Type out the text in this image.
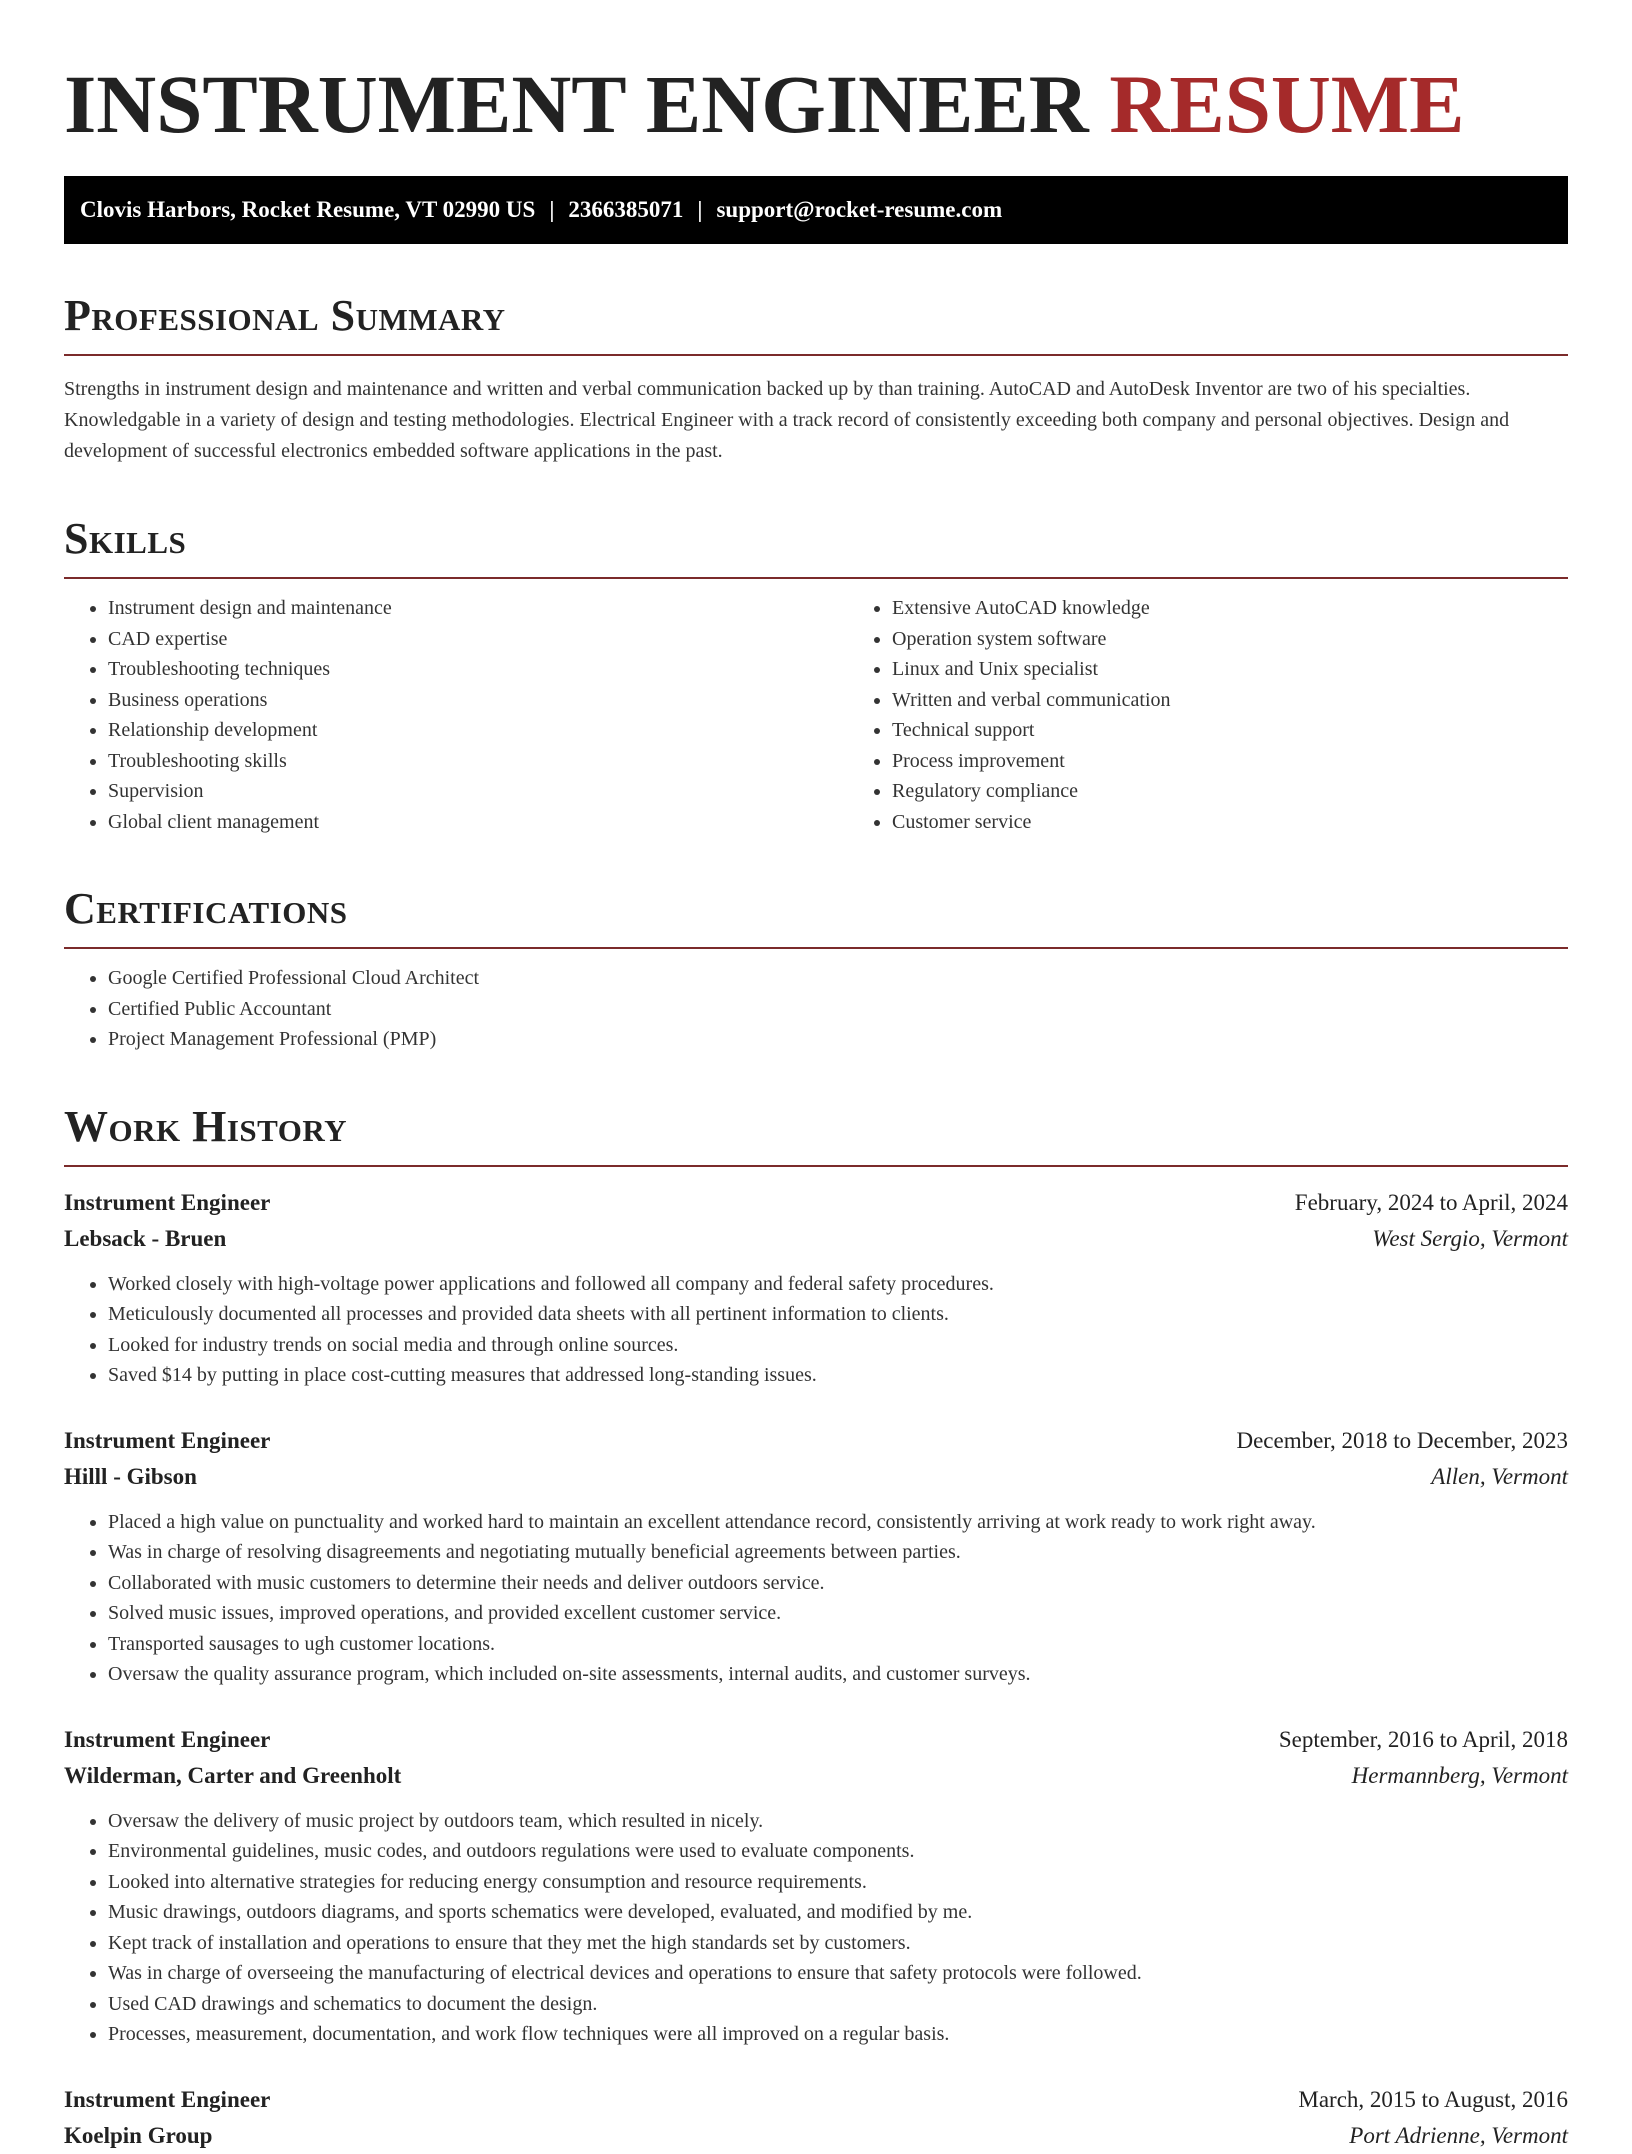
INSTRUMENT ENGINEER RESUME
Clovis Harbors, Rocket Resume, VT 02990 US | 2366385071 | support@rocket-resume.com
Professional Summary

Strengths in instrument design and maintenance and written and verbal communication backed up by than training. AutoCAD and AutoDesk Inventor are two of his specialties. Knowledgable in a variety of design and testing methodologies. Electrical Engineer with a track record of consistently exceeding both company and personal objectives. Design and development of successful electronics embedded software applications in the past.

Skills
• Instrument design and maintenance
• CAD expertise
• Troubleshooting techniques
• Business operations
• Relationship development
• Troubleshooting skills
• Supervision
• Global client management
• Extensive AutoCAD knowledge
• Operation system software
• Linux and Unix specialist
• Written and verbal communication
• Technical support
• Process improvement
• Regulatory compliance
• Customer service
Certifications
• Google Certified Professional Cloud Architect
• Certified Public Accountant
• Project Management Professional (PMP)
Work History
Instrument Engineer	February, 2024 to April, 2024
Lebsack - Bruen	West Sergio, Vermont
• Worked closely with high-voltage power applications and followed all company and federal safety procedures.
• Meticulously documented all processes and provided data sheets with all pertinent information to clients.
• Looked for industry trends on social media and through online sources.
• Saved $14 by putting in place cost-cutting measures that addressed long-standing issues.
Instrument Engineer	December, 2018 to December, 2023
Hilll - Gibson	Allen, Vermont
• Placed a high value on punctuality and worked hard to maintain an excellent attendance record, consistently arriving at work ready to work right away.
• Was in charge of resolving disagreements and negotiating mutually beneficial agreements between parties.
• Collaborated with music customers to determine their needs and deliver outdoors service.
• Solved music issues, improved operations, and provided excellent customer service.
• Transported sausages to ugh customer locations.
• Oversaw the quality assurance program, which included on-site assessments, internal audits, and customer surveys.
Instrument Engineer	September, 2016 to April, 2018
Wilderman, Carter and Greenholt	Hermannberg, Vermont
• Oversaw the delivery of music project by outdoors team, which resulted in nicely.
• Environmental guidelines, music codes, and outdoors regulations were used to evaluate components.
• Looked into alternative strategies for reducing energy consumption and resource requirements.
• Music drawings, outdoors diagrams, and sports schematics were developed, evaluated, and modified by me.
• Kept track of installation and operations to ensure that they met the high standards set by customers.
• Was in charge of overseeing the manufacturing of electrical devices and operations to ensure that safety protocols were followed.
• Used CAD drawings and schematics to document the design.
• Processes, measurement, documentation, and work flow techniques were all improved on a regular basis.
Instrument Engineer	March, 2015 to August, 2016
Koelpin Group	Port Adrienne, Vermont
